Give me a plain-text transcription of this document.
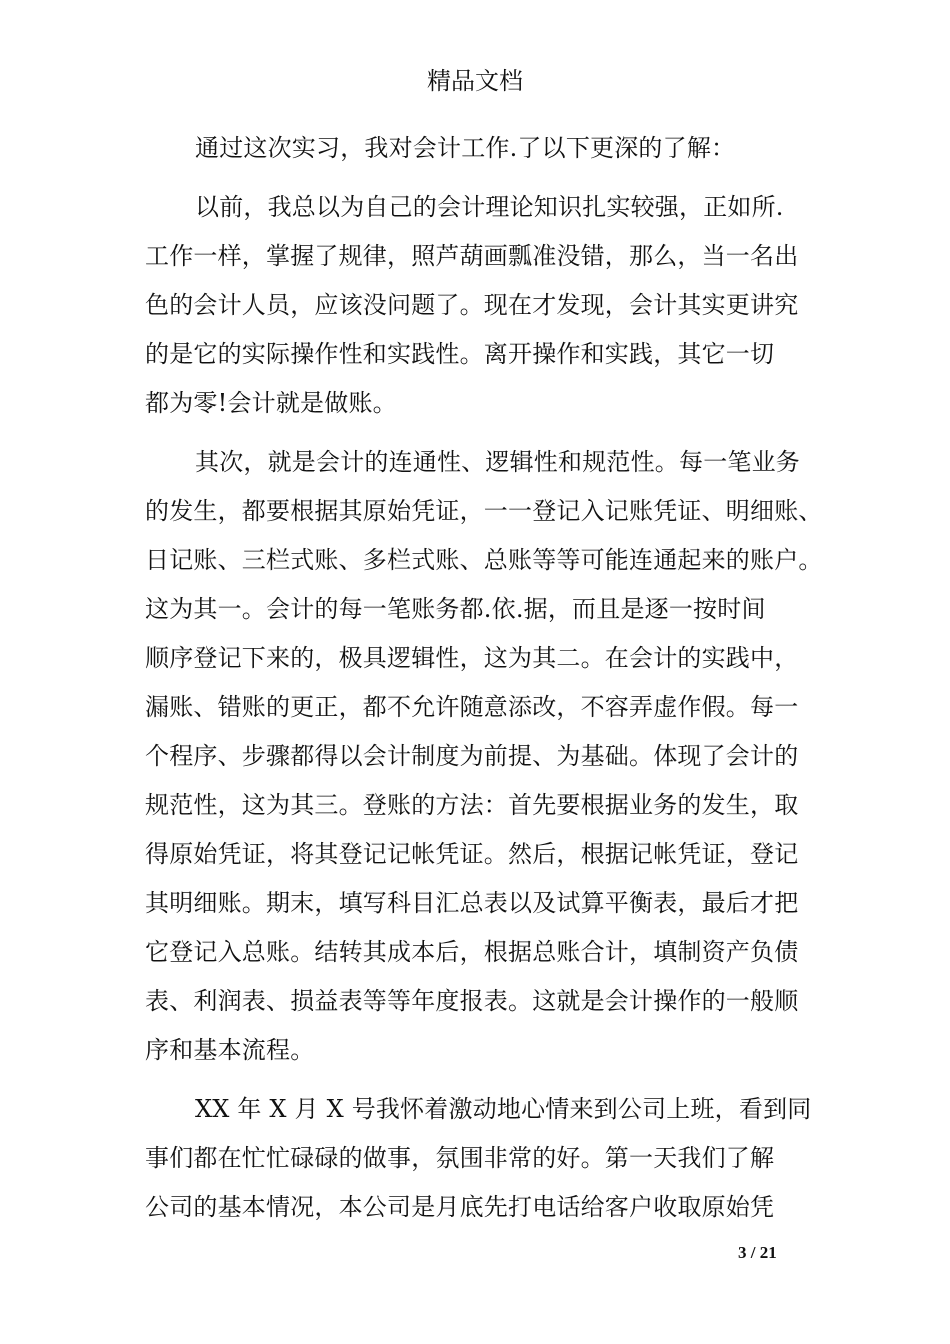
精品文档
通过这次实习，我对会计工作.了以下更深的了解：
以前，我总以为自己的会计理论知识扎实较强，正如所.
工作一样，掌握了规律，照芦葫画瓢准没错，那么，当一名出
色的会计人员，应该没问题了。现在才发现，会计其实更讲究
的是它的实际操作性和实践性。离开操作和实践，其它一切
都为零!会计就是做账。
其次，就是会计的连通性、逻辑性和规范性。每一笔业务
的发生，都要根据其原始凭证，一一登记入记账凭证、明细账、
日记账、三栏式账、多栏式账、总账等等可能连通起来的账户。
这为其一。会计的每一笔账务都.依.据，而且是逐一按时间
顺序登记下来的，极具逻辑性，这为其二。在会计的实践中，
漏账、错账的更正，都不允许随意添改，不容弄虚作假。每一
个程序、步骤都得以会计制度为前提、为基础。体现了会计的
规范性，这为其三。登账的方法：首先要根据业务的发生，取
得原始凭证，将其登记记帐凭证。然后，根据记帐凭证，登记
其明细账。期末，填写科目汇总表以及试算平衡表，最后才把
它登记入总账。结转其成本后，根据总账合计，填制资产负债
表、利润表、损益表等等年度报表。这就是会计操作的一般顺
序和基本流程。
XX 年 X 月 X 号我怀着激动地心情来到公司上班，看到同
事们都在忙忙碌碌的做事，氛围非常的好。第一天我们了解
公司的基本情况，本公司是月底先打电话给客户收取原始凭
3 / 21
